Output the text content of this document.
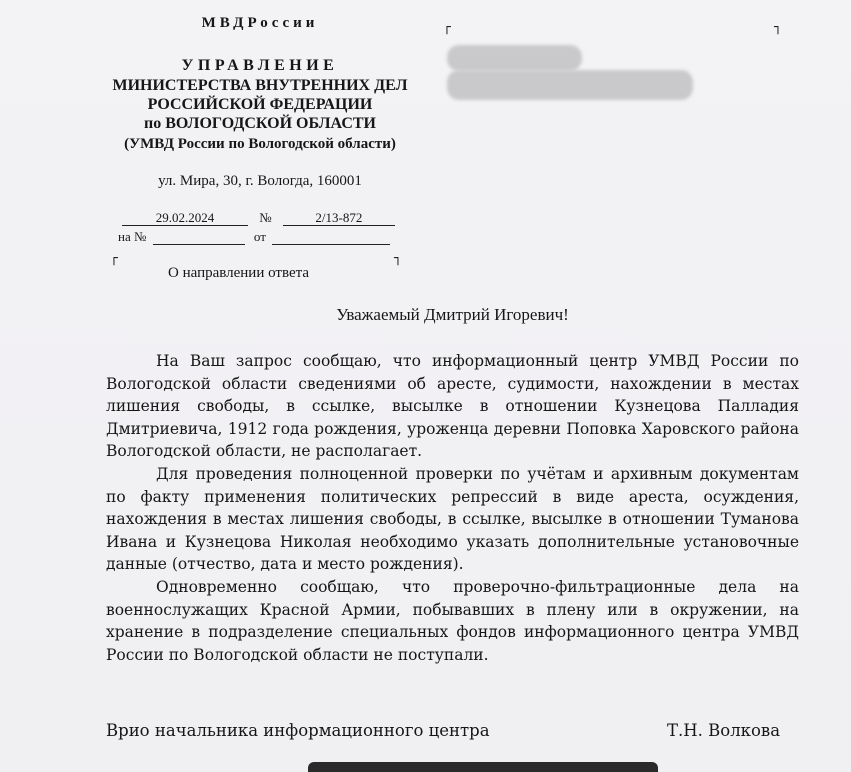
МВДРоссии
УПРАВЛЕНИЕ
МИНИСТЕРСТВА ВНУТРЕННИХ ДЕЛ
РОССИЙСКОЙ ФЕДЕРАЦИИ
по ВОЛОГОДСКОЙ ОБЛАСТИ
(УМВД России по Вологодской области)
ул. Мира, 30, г. Вологда, 160001
29.02.2024	№	2/13-872
на №	от
┌	┐
┌	┐
О направлении ответа
Уважаемый Дмитрий Игоревич!

На Ваш запрос сообщаю, что информационный центр УМВД России по Вологодской области сведениями об аресте, судимости, нахождении в местах лишения свободы, в ссылке, высылке в отношении Кузнецова Палладия Дмитриевича, 1912 года рождения, уроженца деревни Поповка Харовского района Вологодской области, не располагает.

Для проведения полноценной проверки по учётам и архивным документам по факту применения политических репрессий в виде ареста, осуждения, нахождения в местах лишения свободы, в ссылке, высылке в отношении Туманова Ивана и Кузнецова Николая необходимо указать дополнительные установочные данные (отчество, дата и место рождения).

Одновременно сообщаю, что проверочно-фильтрационные дела на военнослужащих Красной Армии, побывавших в плену или в окружении, на хранение в подразделение специальных фондов информационного центра УМВД России по Вологодской области не поступали.

Врио начальника информационного центра	Т.Н. Волкова
